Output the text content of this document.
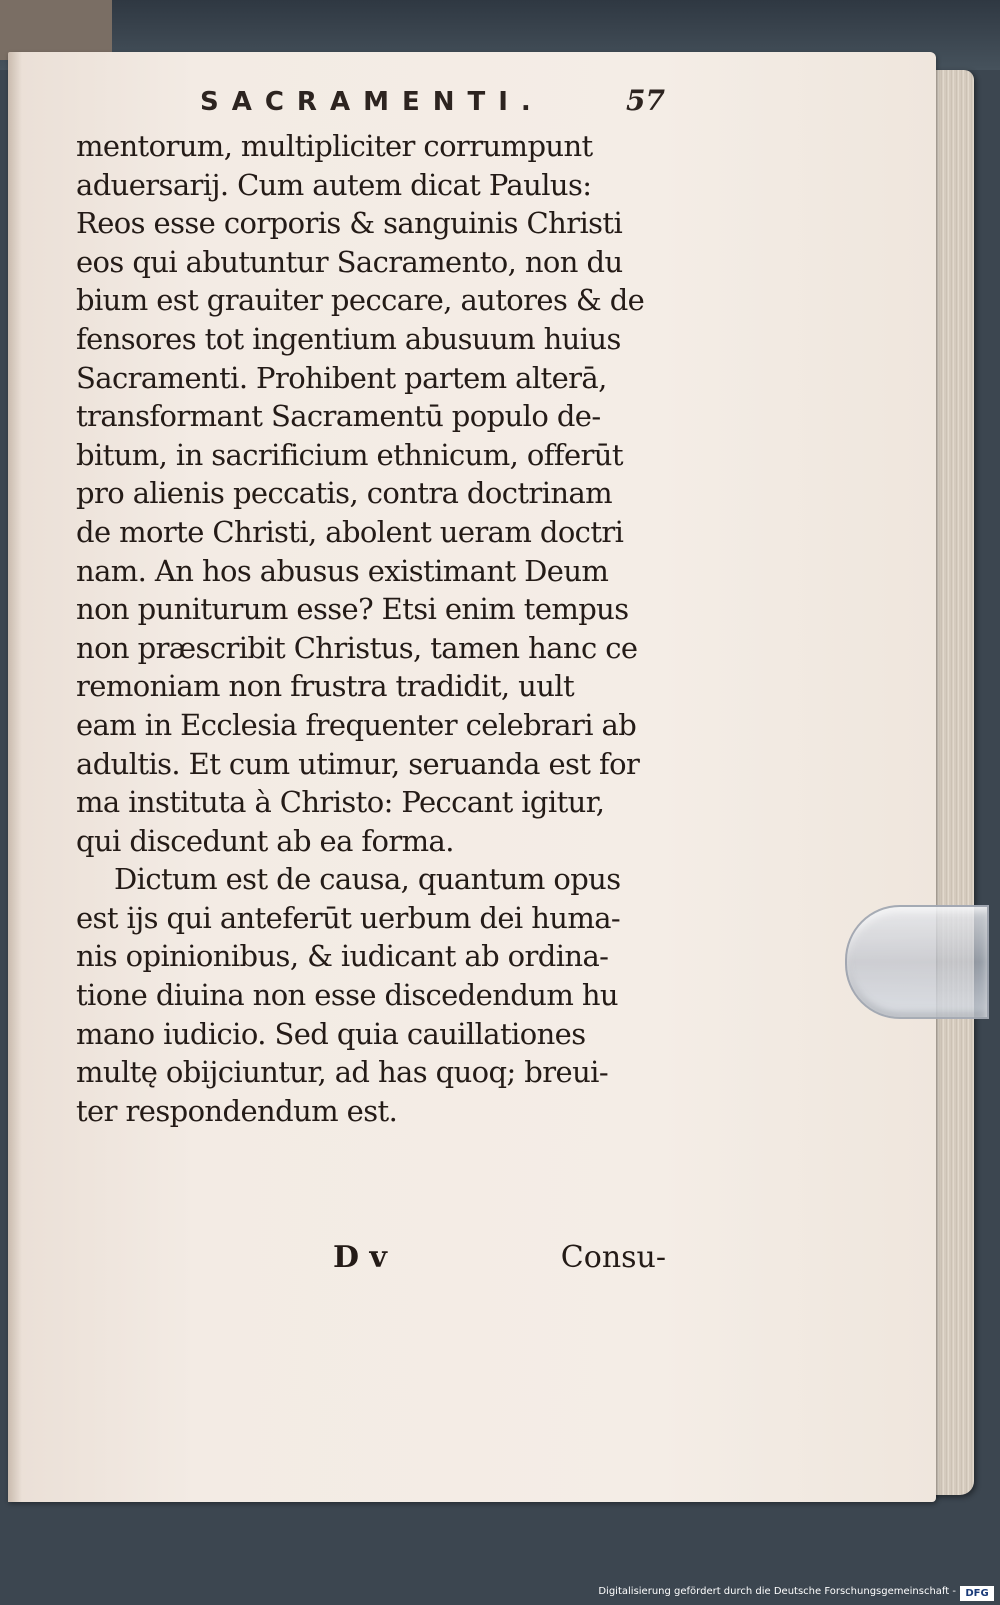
SACRAMENTI.	57
mentorum, multipliciter corrumpunt
aduersarij. Cum autem dicat Paulus:
Reos esse corporis & sanguinis Christi
eos qui abutuntur Sacramento, non du
bium est grauiter peccare, autores & de
fensores tot ingentium abusuum huius
Sacramenti. Prohibent partem alterā,
transformant Sacramentū populo de-
bitum, in sacrificium ethnicum, offerūt
pro alienis peccatis, contra doctrinam
de morte Christi, abolent ueram doctri
nam. An hos abusus existimant Deum
non puniturum esse? Etsi enim tempus
non præscribit Christus, tamen hanc ce
remoniam non frustra tradidit, uult
eam in Ecclesia frequenter celebrari ab
adultis. Et cum utimur, seruanda est for
ma instituta à Christo: Peccant igitur,
qui discedunt ab ea forma.
Dictum est de causa, quantum opus
est ijs qui anteferūt uerbum dei huma-
nis opinionibus, & iudicant ab ordina-
tione diuina non esse discedendum hu
mano iudicio. Sed quia cauillationes
multę obijciuntur, ad has quoq; breui-
ter respondendum est.
D v	Consu-
Digitalisierung gefördert durch die Deutsche Forschungsgemeinschaft - DFG
